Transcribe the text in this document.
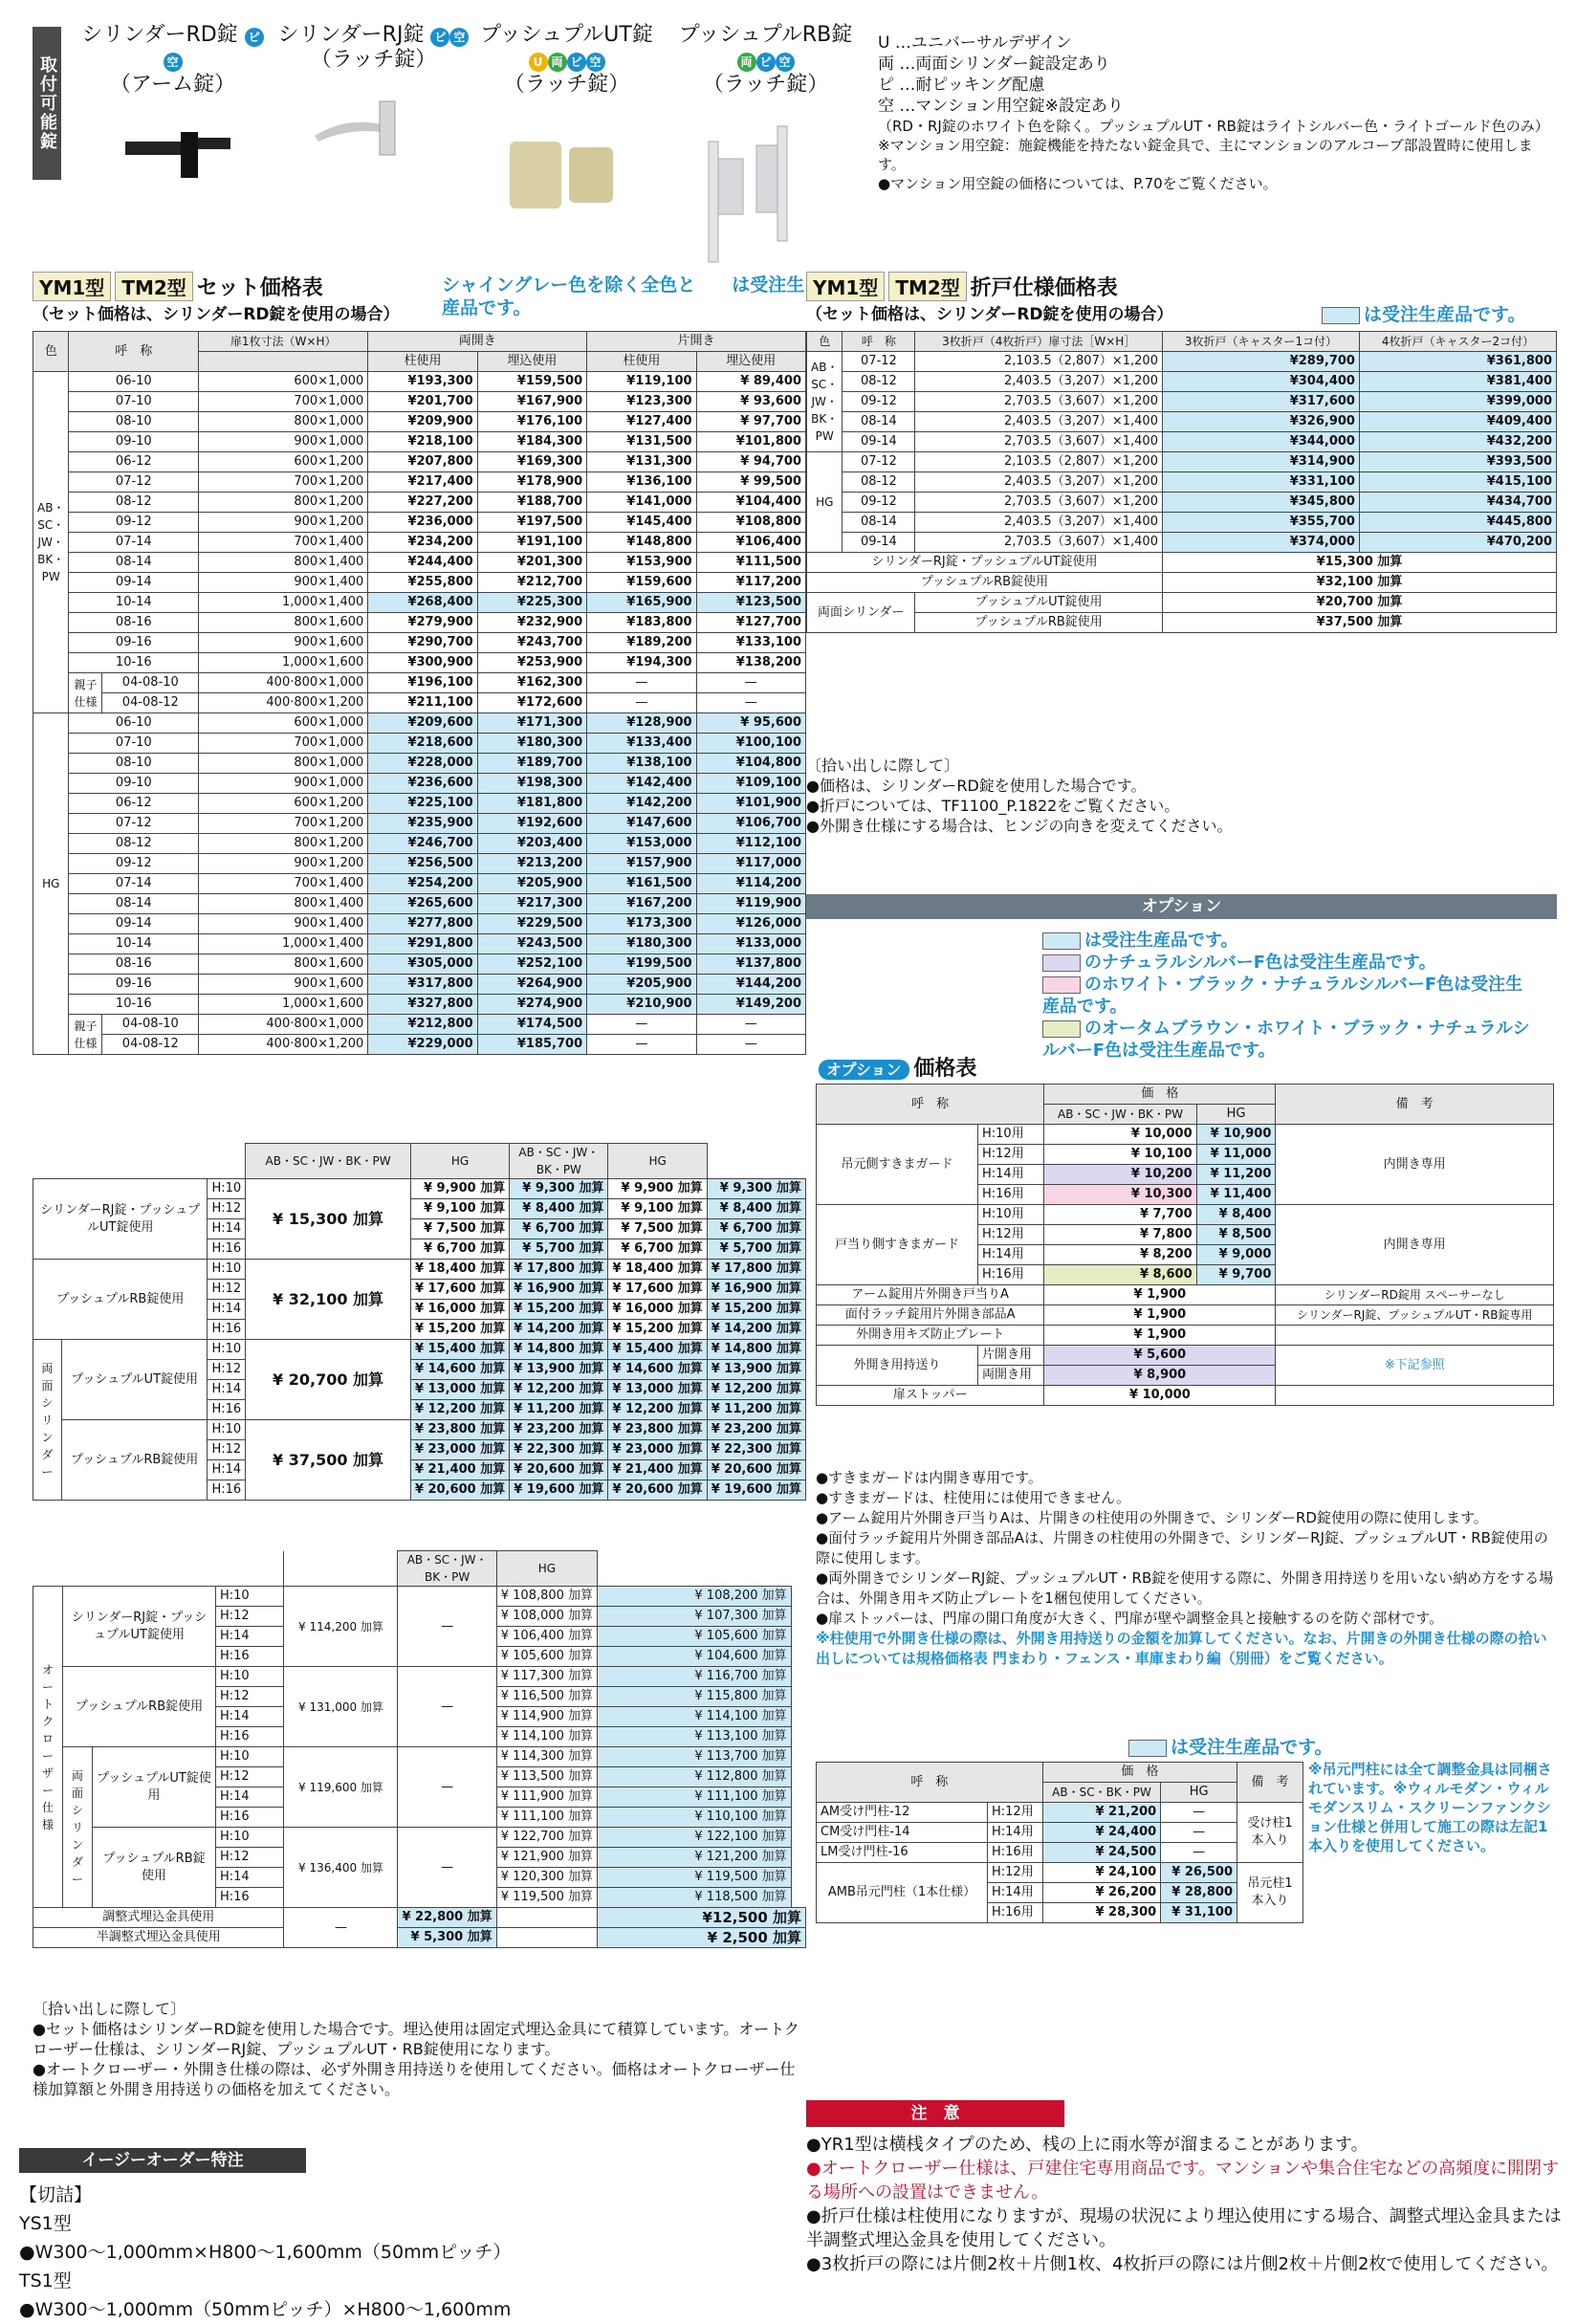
取付可能錠
シリンダーRD錠 ピ空
（アーム錠）
シリンダーRJ錠 ピ 空
（ラッチ錠）
プッシュプルUT錠 U 両 ピ 空
（ラッチ錠）
プッシュプルRB錠 両 ピ 空
（ラッチ錠）
U …ユニバーサルデザイン
両 …両面シリンダー錠設定あり
ピ …耐ピッキング配慮
空 …マンション用空錠※設定あり
（RD・RJ錠のホワイト色を除く。プッシュプルUT・RB錠はライトシルバー色・ライトゴールド色のみ）
※マンション用空錠：施錠機能を持たない錠金具で、主にマンションのアルコーブ部設置時に使用します。
●マンション用空錠の価格については、P.70をご覧ください。
YM1型 TM2型 セット価格表
（セット価格は、シリンダーRD錠を使用の場合）
シャイングレー色を除く全色と　　は受注生産品です。
色	呼　称		扉1枚寸法（W×H）	両開き		片開き	
				柱使用	埋込使用	柱使用	埋込使用
AB・SC・JW・BK・PW	06-10		600×1,000	¥193,300	¥159,500	¥119,100	¥ 89,400
	07-10		700×1,000	¥201,700	¥167,900	¥123,300	¥ 93,600
	08-10		800×1,000	¥209,900	¥176,100	¥127,400	¥ 97,700
	09-10		900×1,000	¥218,100	¥184,300	¥131,500	¥101,800
	06-12		600×1,200	¥207,800	¥169,300	¥131,300	¥ 94,700
	07-12		700×1,200	¥217,400	¥178,900	¥136,100	¥ 99,500
	08-12		800×1,200	¥227,200	¥188,700	¥141,000	¥104,400
	09-12		900×1,200	¥236,000	¥197,500	¥145,400	¥108,800
	07-14		700×1,400	¥234,200	¥191,100	¥148,800	¥106,400
	08-14		800×1,400	¥244,400	¥201,300	¥153,900	¥111,500
	09-14		900×1,400	¥255,800	¥212,700	¥159,600	¥117,200
	10-14		1,000×1,400	¥268,400	¥225,300	¥165,900	¥123,500
	08-16		800×1,600	¥279,900	¥232,900	¥183,800	¥127,700
	09-16		900×1,600	¥290,700	¥243,700	¥189,200	¥133,100
	10-16		1,000×1,600	¥300,900	¥253,900	¥194,300	¥138,200
	親子仕様	04-08-10	400·800×1,000	¥196,100	¥162,300	—	—
		04-08-12	400·800×1,200	¥211,100	¥172,600	—	—
HG	06-10		600×1,000	¥209,600	¥171,300	¥128,900	¥ 95,600
	07-10		700×1,000	¥218,600	¥180,300	¥133,400	¥100,100
	08-10		800×1,000	¥228,000	¥189,700	¥138,100	¥104,800
	09-10		900×1,000	¥236,600	¥198,300	¥142,400	¥109,100
	06-12		600×1,200	¥225,100	¥181,800	¥142,200	¥101,900
	07-12		700×1,200	¥235,900	¥192,600	¥147,600	¥106,700
	08-12		800×1,200	¥246,700	¥203,400	¥153,000	¥112,100
	09-12		900×1,200	¥256,500	¥213,200	¥157,900	¥117,000
	07-14		700×1,400	¥254,200	¥205,900	¥161,500	¥114,200
	08-14		800×1,400	¥265,600	¥217,300	¥167,200	¥119,900
	09-14		900×1,400	¥277,800	¥229,500	¥173,300	¥126,000
	10-14		1,000×1,400	¥291,800	¥243,500	¥180,300	¥133,000
	08-16		800×1,600	¥305,000	¥252,100	¥199,500	¥137,800
	09-16		900×1,600	¥317,800	¥264,900	¥205,900	¥144,200
	10-16		1,000×1,600	¥327,800	¥274,900	¥210,900	¥149,200
	親子仕様	04-08-10	400·800×1,000	¥212,800	¥174,500	—	—
		04-08-12	400·800×1,200	¥229,000	¥185,700	—	—
			AB・SC・JW・BK・PW	HG	AB・SC・JW・BK・PW	HG	
シリンダーRJ錠・プッシュプルUT錠使用		H:10	¥ 15,300 加算	¥ 9,900 加算	¥ 9,300 加算	¥ 9,900 加算	¥ 9,300 加算
		H:12		¥ 9,100 加算	¥ 8,400 加算	¥ 9,100 加算	¥ 8,400 加算
		H:14		¥ 7,500 加算	¥ 6,700 加算	¥ 7,500 加算	¥ 6,700 加算
		H:16		¥ 6,700 加算	¥ 5,700 加算	¥ 6,700 加算	¥ 5,700 加算
プッシュプルRB錠使用		H:10	¥ 32,100 加算	¥ 18,400 加算	¥ 17,800 加算	¥ 18,400 加算	¥ 17,800 加算
		H:12		¥ 17,600 加算	¥ 16,900 加算	¥ 17,600 加算	¥ 16,900 加算
		H:14		¥ 16,000 加算	¥ 15,200 加算	¥ 16,000 加算	¥ 15,200 加算
		H:16		¥ 15,200 加算	¥ 14,200 加算	¥ 15,200 加算	¥ 14,200 加算
両面シリンダー	プッシュプルUT錠使用	H:10	¥ 20,700 加算	¥ 15,400 加算	¥ 14,800 加算	¥ 15,400 加算	¥ 14,800 加算
		H:12		¥ 14,600 加算	¥ 13,900 加算	¥ 14,600 加算	¥ 13,900 加算
		H:14		¥ 13,000 加算	¥ 12,200 加算	¥ 13,000 加算	¥ 12,200 加算
		H:16		¥ 12,200 加算	¥ 11,200 加算	¥ 12,200 加算	¥ 11,200 加算
	プッシュプルRB錠使用	H:10	¥ 37,500 加算	¥ 23,800 加算	¥ 23,200 加算	¥ 23,800 加算	¥ 23,200 加算
		H:12		¥ 23,000 加算	¥ 22,300 加算	¥ 23,000 加算	¥ 22,300 加算
		H:14		¥ 21,400 加算	¥ 20,600 加算	¥ 21,400 加算	¥ 20,600 加算
		H:16		¥ 20,600 加算	¥ 19,600 加算	¥ 20,600 加算	¥ 19,600 加算
					AB・SC・JW・BK・PW	HG		
オートクローザー仕様	シリンダーRJ錠・プッシュプルUT錠使用		H:10	¥ 114,200 加算	—	¥ 108,800 加算	¥ 108,200 加算	
			H:12			¥ 108,000 加算	¥ 107,300 加算	
			H:14			¥ 106,400 加算	¥ 105,600 加算	
			H:16			¥ 105,600 加算	¥ 104,600 加算	
	プッシュプルRB錠使用		H:10	¥ 131,000 加算	—	¥ 117,300 加算	¥ 116,700 加算	
			H:12			¥ 116,500 加算	¥ 115,800 加算	
			H:14			¥ 114,900 加算	¥ 114,100 加算	
			H:16			¥ 114,100 加算	¥ 113,100 加算	
	両面シリンダー	プッシュプルUT錠使用	H:10	¥ 119,600 加算	—	¥ 114,300 加算	¥ 113,700 加算	
			H:12			¥ 113,500 加算	¥ 112,800 加算	
			H:14			¥ 111,900 加算	¥ 111,100 加算	
			H:16			¥ 111,100 加算	¥ 110,100 加算	
		プッシュプルRB錠使用	H:10	¥ 136,400 加算	—	¥ 122,700 加算	¥ 122,100 加算	
			H:12			¥ 121,900 加算	¥ 121,200 加算	
			H:14			¥ 120,300 加算	¥ 119,500 加算	
			H:16			¥ 119,500 加算	¥ 118,500 加算	
調整式埋込金具使用				—	¥ 22,800 加算		¥12,500 加算	
半調整式埋込金具使用					¥ 5,300 加算		¥ 2,500 加算	
〔拾い出しに際して〕
●セット価格はシリンダーRD錠を使用した場合です。埋込使用は固定式埋込金具にて積算しています。オートクローザー仕様は、シリンダーRJ錠、プッシュプルUT・RB錠使用になります。
●オートクローザー・外開き仕様の際は、必ず外開き用持送りを使用してください。価格はオートクローザー仕様加算額と外開き用持送りの価格を加えてください。
イージーオーダー特注
【切詰】
YS1型
●W300〜1,000mm×H800〜1,600mm（50mmピッチ）
TS1型
●W300〜1,000mm（50mmピッチ）×H800〜1,600mm
YM1型 TM2型 折戸仕様価格表
（セット価格は、シリンダーRD錠を使用の場合）	は受注生産品です。
色	呼　称	3枚折戸（4枚折戸）扉寸法［W×H］	3枚折戸（キャスター1コ付）	4枚折戸（キャスター2コ付）
AB・SC・JW・BK・PW	07-12	2,103.5（2,807）×1,200	¥289,700	¥361,800
	08-12	2,403.5（3,207）×1,200	¥304,400	¥381,400
	09-12	2,703.5（3,607）×1,200	¥317,600	¥399,000
	08-14	2,403.5（3,207）×1,400	¥326,900	¥409,400
	09-14	2,703.5（3,607）×1,400	¥344,000	¥432,200
HG	07-12	2,103.5（2,807）×1,200	¥314,900	¥393,500
	08-12	2,403.5（3,207）×1,200	¥331,100	¥415,100
	09-12	2,703.5（3,607）×1,200	¥345,800	¥434,700
	08-14	2,403.5（3,207）×1,400	¥355,700	¥445,800
	09-14	2,703.5（3,607）×1,400	¥374,000	¥470,200
シリンダーRJ錠・プッシュプルUT錠使用			¥15,300 加算	
プッシュプルRB錠使用			¥32,100 加算	
両面シリンダー		プッシュプルUT錠使用	¥20,700 加算	
		プッシュプルRB錠使用	¥37,500 加算	
〔拾い出しに際して〕
●価格は、シリンダーRD錠を使用した場合です。
●折戸については、TF1100_P.1822をご覧ください。
●外開き仕様にする場合は、ヒンジの向きを変えてください。
オプション
は受注生産品です。
のナチュラルシルバーF色は受注生産品です。
のホワイト・ブラック・ナチュラルシルバーF色は受注生産品です。
のオータムブラウン・ホワイト・ブラック・ナチュラルシルバーF色は受注生産品です。
オプション 価格表
呼　称		価　格		備　考
		AB・SC・JW・BK・PW	HG	
吊元側すきまガード	H:10用	¥ 10,000	¥ 10,900	内開き専用
	H:12用	¥ 10,100	¥ 11,000	
	H:14用	¥ 10,200	¥ 11,200	
	H:16用	¥ 10,300	¥ 11,400	
戸当り側すきまガード	H:10用	¥ 7,700	¥ 8,400	内開き専用
	H:12用	¥ 7,800	¥ 8,500	
	H:14用	¥ 8,200	¥ 9,000	
	H:16用	¥ 8,600	¥ 9,700	
アーム錠用片外開き戸当りA		¥ 1,900		シリンダーRD錠用 スペーサーなし
面付ラッチ錠用片外開き部品A		¥ 1,900		シリンダーRJ錠、プッシュプルUT・RB錠専用
外開き用キズ防止プレート		¥ 1,900		
外開き用持送り	片開き用	¥ 5,600		※下記参照
	両開き用	¥ 8,900		
扉ストッパー		¥ 10,000		
●すきまガードは内開き専用です。
●すきまガードは、柱使用には使用できません。
●アーム錠用片外開き戸当りAは、片開きの柱使用の外開きで、シリンダーRD錠使用の際に使用します。
●面付ラッチ錠用片外開き部品Aは、片開きの柱使用の外開きで、シリンダーRJ錠、プッシュプルUT・RB錠使用の際に使用します。
●両外開きでシリンダーRJ錠、プッシュプルUT・RB錠を使用する際に、外開き用持送りを用いない納め方をする場合は、外開き用キズ防止プレートを1梱包使用してください。
●扉ストッパーは、門扉の開口角度が大きく、門扉が壁や調整金具と接触するのを防ぐ部材です。
※柱使用で外開き仕様の際は、外開き用持送りの金額を加算してください。なお、片開きの外開き仕様の際の拾い出しについては規格価格表 門まわり・フェンス・車庫まわり編（別冊）をご覧ください。
は受注生産品です。
呼　称		価　格		備　考
		AB・SC・BK・PW	HG	
AM受け門柱-12	H:12用	¥ 21,200	—	受け柱1本入り
CM受け門柱-14	H:14用	¥ 24,400	—	
LM受け門柱-16	H:16用	¥ 24,500	—	
AMB吊元門柱（1本仕様）	H:12用	¥ 24,100	¥ 26,500	吊元柱1本入り
	H:14用	¥ 26,200	¥ 28,800	
	H:16用	¥ 28,300	¥ 31,100	
※吊元門柱には全て調整金具は同梱されています。※ウィルモダン・ウィルモダンスリム・スクリーンファンクション仕様と併用して施工の際は左記1本入りを使用してください。
注　意
●YR1型は横桟タイプのため、桟の上に雨水等が溜まることがあります。
●オートクローザー仕様は、戸建住宅専用商品です。マンションや集合住宅などの高頻度に開閉する場所への設置はできません。
●折戸仕様は柱使用になりますが、現場の状況により埋込使用にする場合、調整式埋込金具または半調整式埋込金具を使用してください。
●3枚折戸の際には片側2枚＋片側1枚、4枚折戸の際には片側2枚＋片側2枚で使用してください。
